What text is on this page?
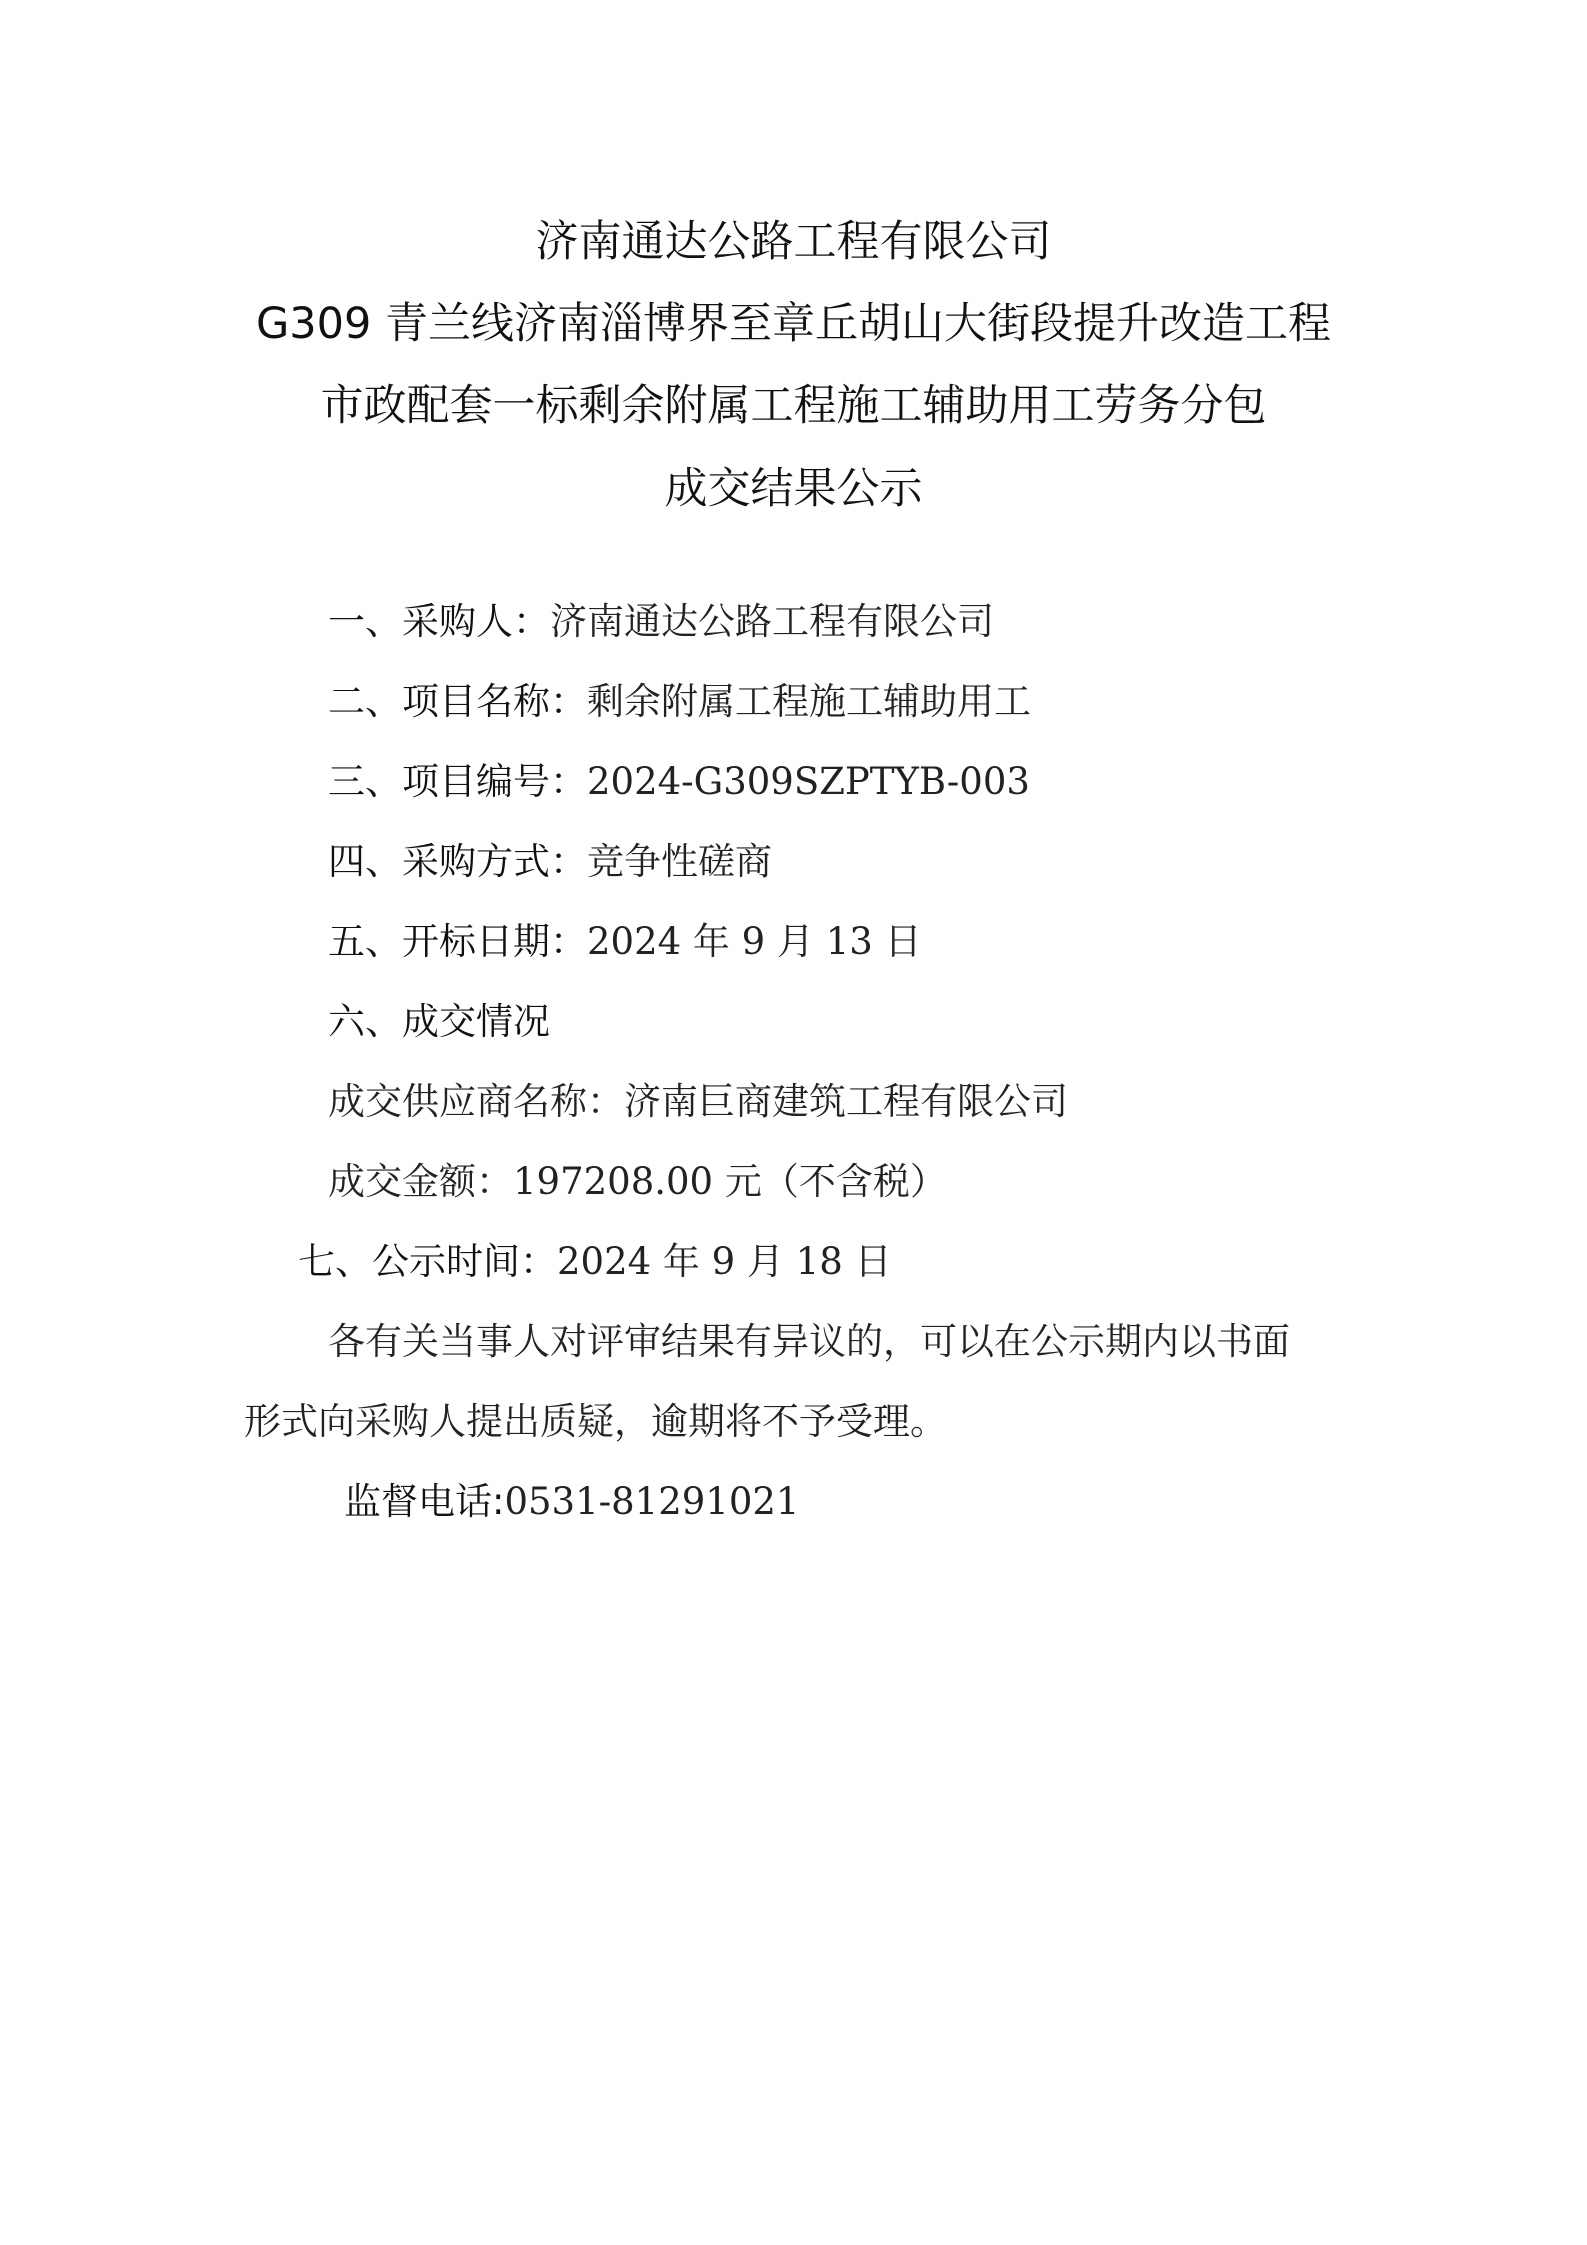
济南通达公路工程有限公司
G309 青兰线济南淄博界至章丘胡山大街段提升改造工程
市政配套一标剩余附属工程施工辅助用工劳务分包
成交结果公示
一、采购人：济南通达公路工程有限公司
二、项目名称：剩余附属工程施工辅助用工
三、项目编号：2024-G309SZPTYB-003
四、采购方式：竞争性磋商
五、开标日期：2024 年 9 月 13 日
六、成交情况
成交供应商名称：济南巨商建筑工程有限公司
成交金额：197208.00 元（不含税）
七、公示时间：2024 年 9 月 18 日
各有关当事人对评审结果有异议的，可以在公示期内以书面
形式向采购人提出质疑，逾期将不予受理。
监督电话:0531-81291021
